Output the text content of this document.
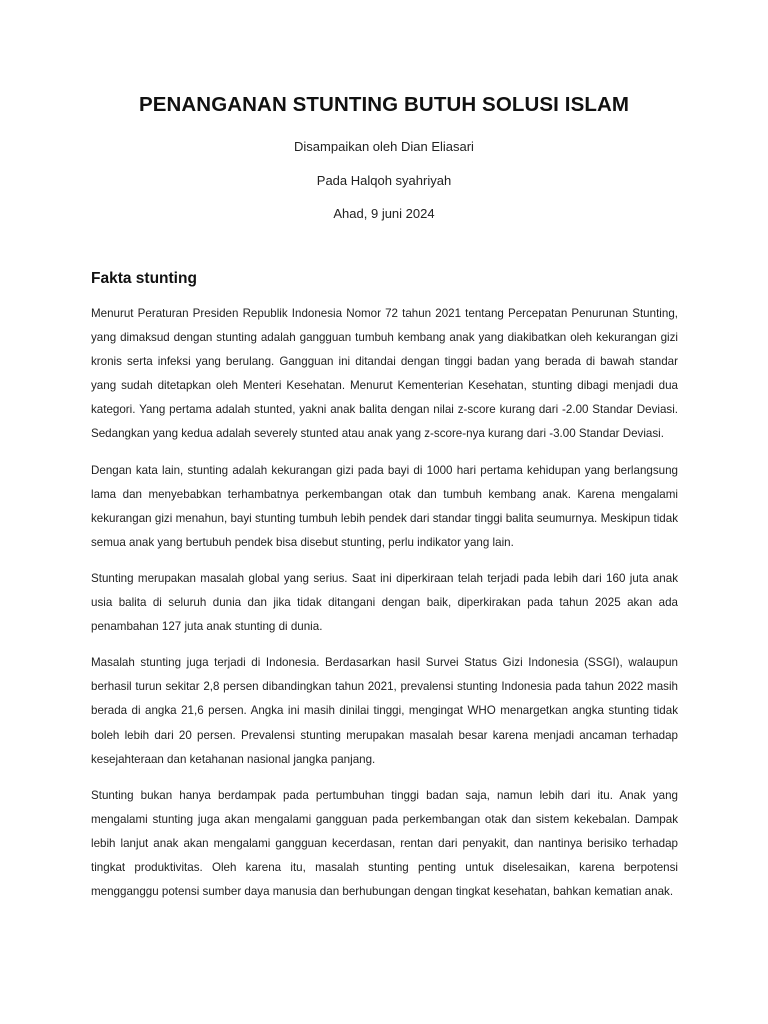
PENANGANAN STUNTING BUTUH SOLUSI ISLAM

Disampaikan oleh Dian Eliasari

Pada Halqoh syahriyah

Ahad, 9 juni 2024

Fakta stunting

Menurut Peraturan Presiden Republik Indonesia Nomor 72 tahun 2021 tentang Percepatan Penurunan Stunting, yang dimaksud dengan stunting adalah gangguan tumbuh kembang anak yang diakibatkan oleh kekurangan gizi kronis serta infeksi yang berulang. Gangguan ini ditandai dengan tinggi badan yang berada di bawah standar yang sudah ditetapkan oleh Menteri Kesehatan. Menurut Kementerian Kesehatan, stunting dibagi menjadi dua kategori. Yang pertama adalah stunted, yakni anak balita dengan nilai z-score kurang dari -2.00 Standar Deviasi. Sedangkan yang kedua adalah severely stunted atau anak yang z-score-nya kurang dari -3.00 Standar Deviasi.

Dengan kata lain, stunting adalah kekurangan gizi pada bayi di 1000 hari pertama kehidupan yang berlangsung lama dan menyebabkan terhambatnya perkembangan otak dan tumbuh kembang anak. Karena mengalami kekurangan gizi menahun, bayi stunting tumbuh lebih pendek dari standar tinggi balita seumurnya. Meskipun tidak semua anak yang bertubuh pendek bisa disebut stunting, perlu indikator yang lain.

Stunting merupakan masalah global yang serius. Saat ini diperkiraan telah terjadi pada lebih dari 160 juta anak usia balita di seluruh dunia dan jika tidak ditangani dengan baik, diperkirakan pada tahun 2025 akan ada penambahan 127 juta anak stunting di dunia.

Masalah stunting juga terjadi di Indonesia. Berdasarkan hasil Survei Status Gizi Indonesia (SSGI), walaupun berhasil turun sekitar 2,8 persen dibandingkan tahun 2021, prevalensi stunting Indonesia pada tahun 2022 masih berada di angka 21,6 persen. Angka ini masih dinilai tinggi, mengingat WHO menargetkan angka stunting tidak boleh lebih dari 20 persen. Prevalensi stunting merupakan masalah besar karena menjadi ancaman terhadap kesejahteraan dan ketahanan nasional jangka panjang.

Stunting bukan hanya berdampak pada pertumbuhan tinggi badan saja, namun lebih dari itu. Anak yang mengalami stunting juga akan mengalami gangguan pada perkembangan otak dan sistem kekebalan. Dampak lebih lanjut anak akan mengalami gangguan kecerdasan, rentan dari penyakit, dan nantinya berisiko terhadap tingkat produktivitas. Oleh karena itu, masalah stunting penting untuk diselesaikan, karena berpotensi mengganggu potensi sumber daya manusia dan berhubungan dengan tingkat kesehatan, bahkan kematian anak.
